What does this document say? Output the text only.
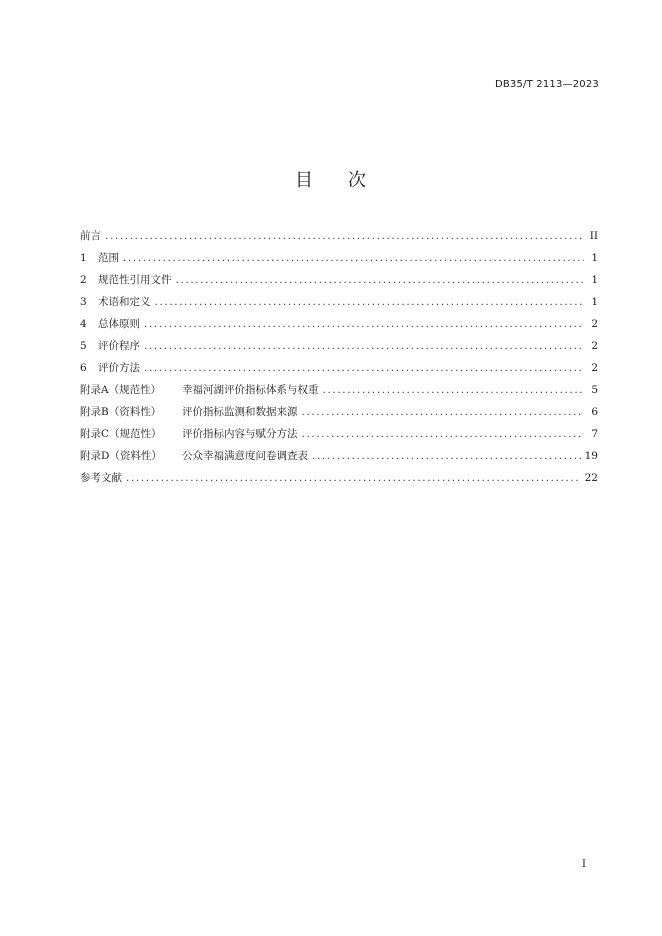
DB35/T 2113—2023
目 次
前言 .....	II
1	范围 .....	1
2	规范性引用文件 .....	1
3	术语和定义 .....	1
4	总体原则 .....	2
5	评价程序 .....	2
6	评价方法 .....	2
附录A（规范性）	幸福河湖评价指标体系与权重 .....	5
附录B（资料性）	评价指标监测和数据来源 .....	6
附录C（规范性）	评价指标内容与赋分方法 .....	7
附录D（资料性）	公众幸福满意度问卷调查表 .....	19
参考文献 .....	22
I
